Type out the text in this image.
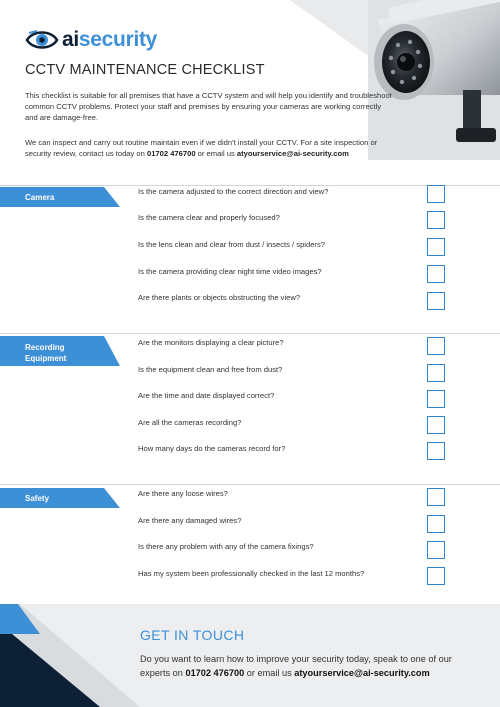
aisecurity
CCTV MAINTENANCE CHECKLIST

This checklist is suitable for all premises that have a CCTV system and will help you identify and troubleshoot common CCTV problems. Protect your staff and premises by ensuring your cameras are working correctly and are damage-free.

We can inspect and carry out routine maintain even if we didn't install your CCTV. For a site inspection or security review, contact us today on 01702 476700 or email us atyourservice@ai-security.com

Camera
Is the camera adjusted to the correct direction and view?
Is the camera clear and properly focused?
Is the lens clean and clear from dust / insects / spiders?
Is the camera providing clear night time video images?
Are there plants or objects obstructing the view?
Recording
Equipment
Are the monitors displaying a clear picture?
Is the equipment clean and free from dust?
Are the time and date displayed correct?
Are all the cameras recording?
How many days do the cameras record for?
Safety
Are there any loose wires?
Are there any damaged wires?
Is there any problem with any of the camera fixings?
Has my system been professionally checked in the last 12 months?
GET IN TOUCH

Do you want to learn how to improve your security today, speak to one of our experts on 01702 476700 or email us atyourservice@ai-security.com
